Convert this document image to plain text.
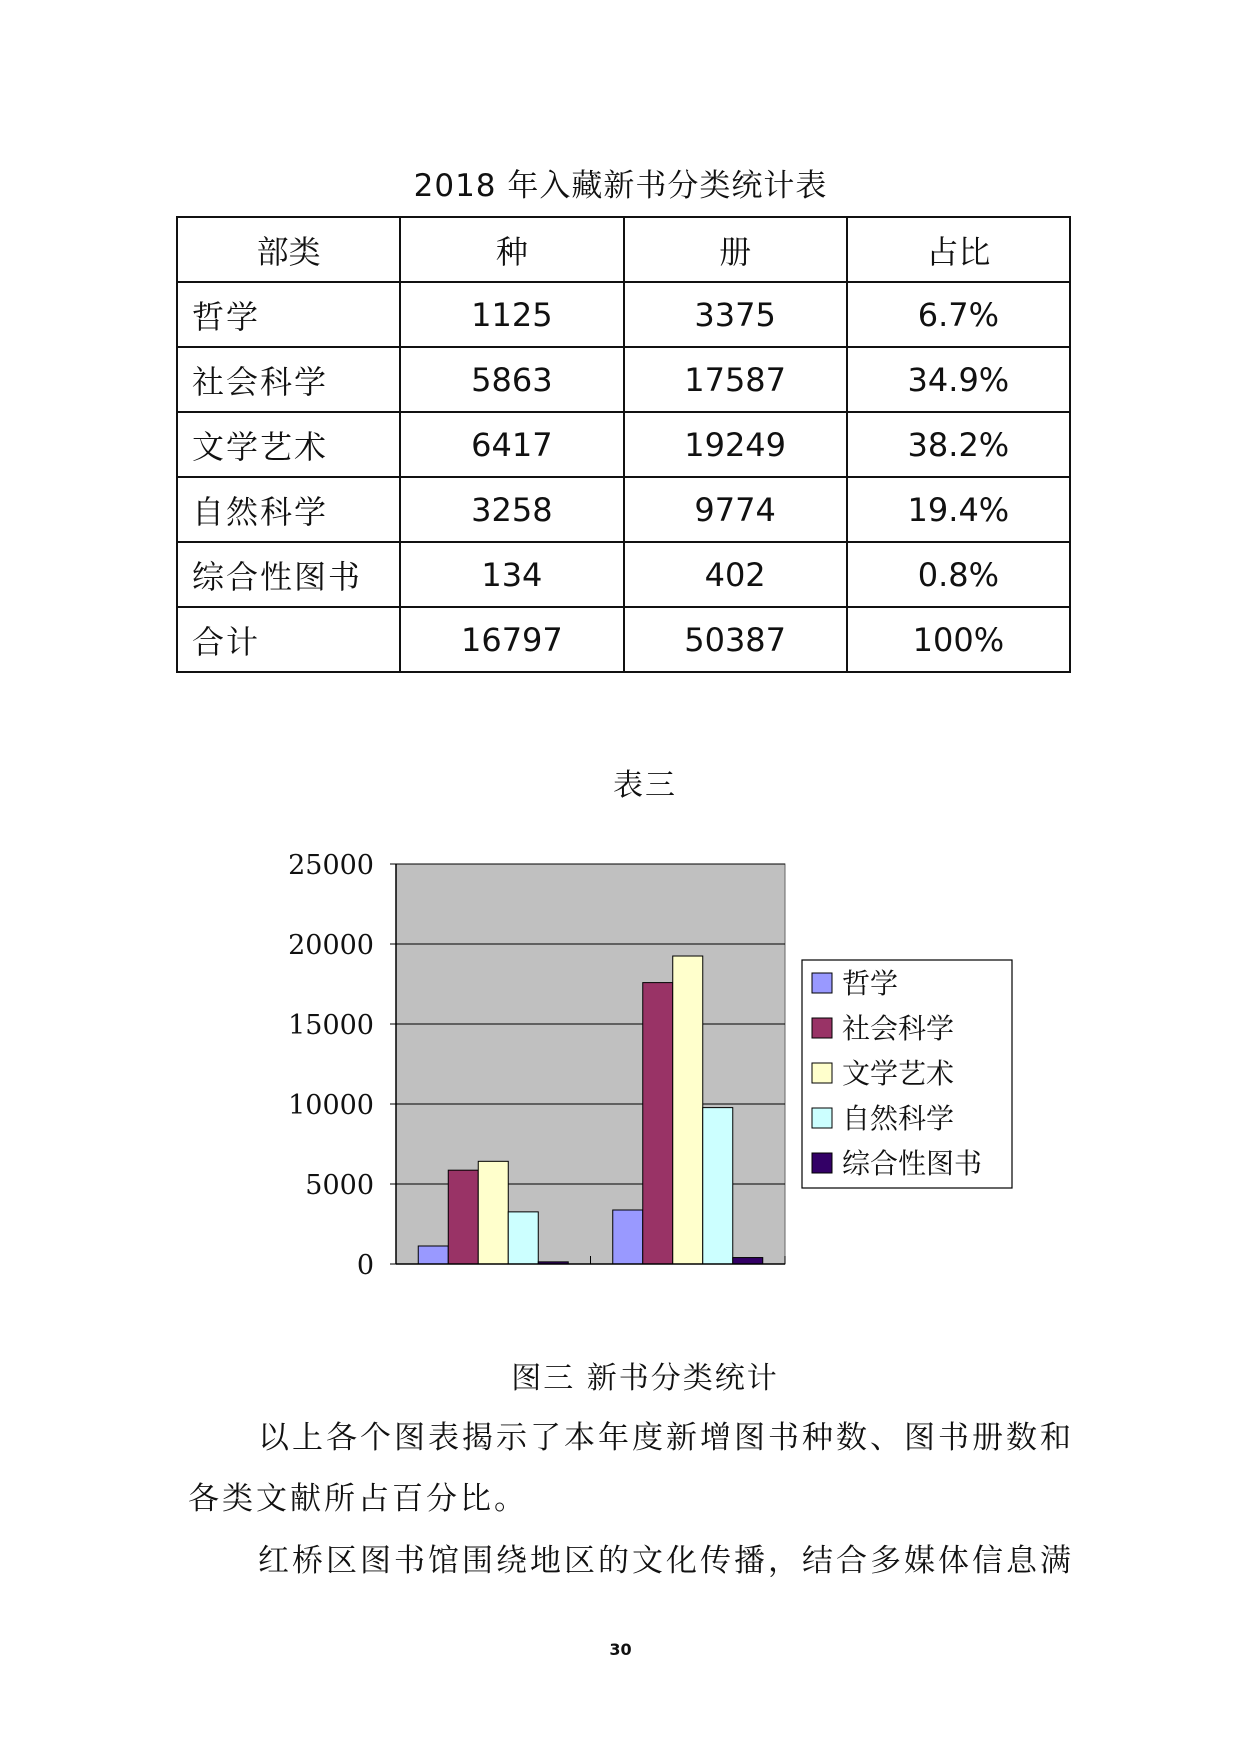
2018 年入藏新书分类统计表
部类	种	册	占比
哲学	1125	3375	6.7%
社会科学	5863	17587	34.9%
文学艺术	6417	19249	38.2%
自然科学	3258	9774	19.4%
综合性图书	134	402	0.8%
合计	16797	50387	100%
表三
25000
20000
15000
10000
5000
0
哲学
社会科学
文学艺术
自然科学
综合性图书
图三 新书分类统计
以上各个图表揭示了本年度新增图书种数、图书册数和各类文献所占百分比。
红桥区图书馆围绕地区的文化传播，结合多媒体信息满
30
